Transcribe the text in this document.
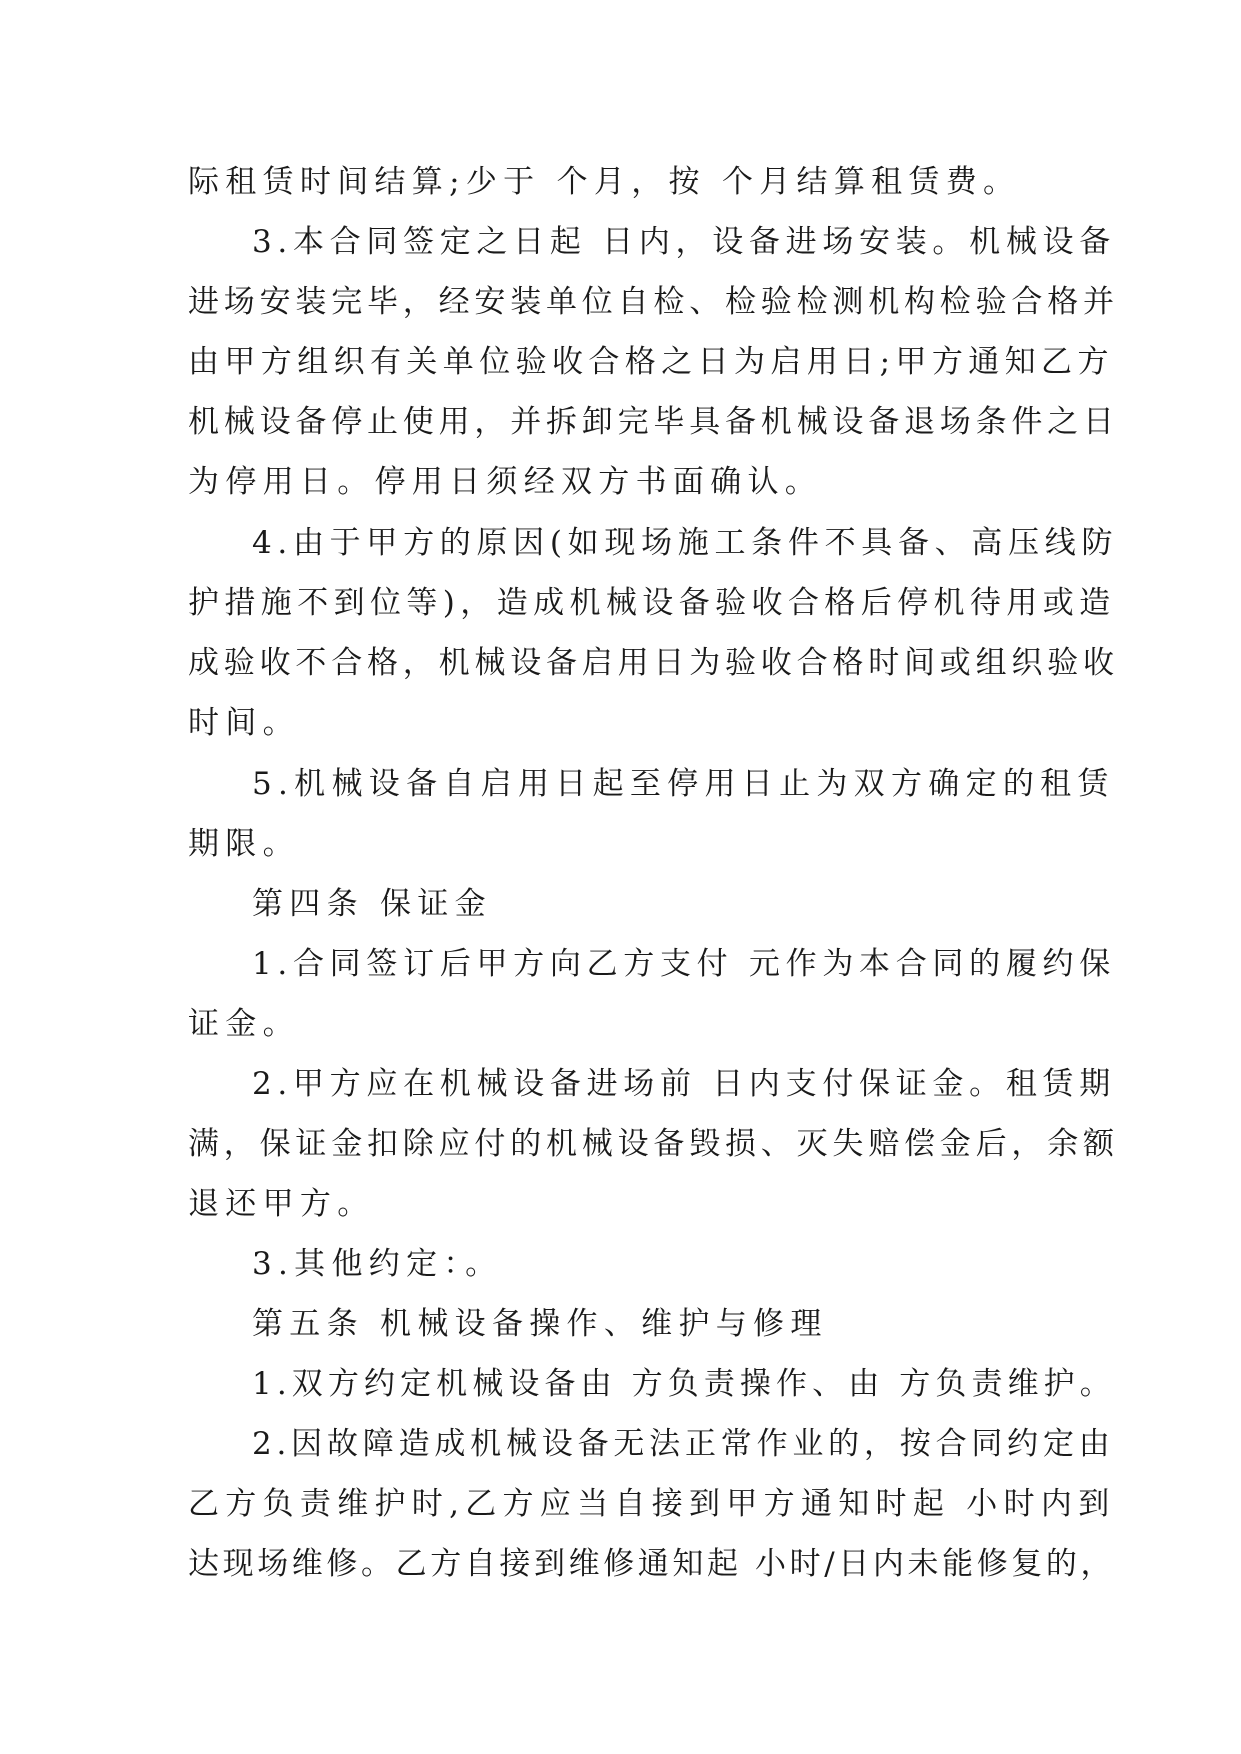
际租赁时间结算;少于 个月，按 个月结算租赁费。
3.本合同签定之日起 日内，设备进场安装。机械设备
进场安装完毕，经安装单位自检、检验检测机构检验合格并
由甲方组织有关单位验收合格之日为启用日;甲方通知乙方
机械设备停止使用，并拆卸完毕具备机械设备退场条件之日
为停用日。停用日须经双方书面确认。
4.由于甲方的原因(如现场施工条件不具备、高压线防
护措施不到位等)，造成机械设备验收合格后停机待用或造
成验收不合格，机械设备启用日为验收合格时间或组织验收
时间。
5.机械设备自启用日起至停用日止为双方确定的租赁
期限。
第四条 保证金
1.合同签订后甲方向乙方支付 元作为本合同的履约保
证金。
2.甲方应在机械设备进场前 日内支付保证金。租赁期
满，保证金扣除应付的机械设备毁损、灭失赔偿金后，余额
退还甲方。
3.其他约定：。
第五条 机械设备操作、维护与修理
1.双方约定机械设备由 方负责操作、由 方负责维护。
2.因故障造成机械设备无法正常作业的，按合同约定由
乙方负责维护时,乙方应当自接到甲方通知时起 小时内到
达现场维修。乙方自接到维修通知起 小时/日内未能修复的，
